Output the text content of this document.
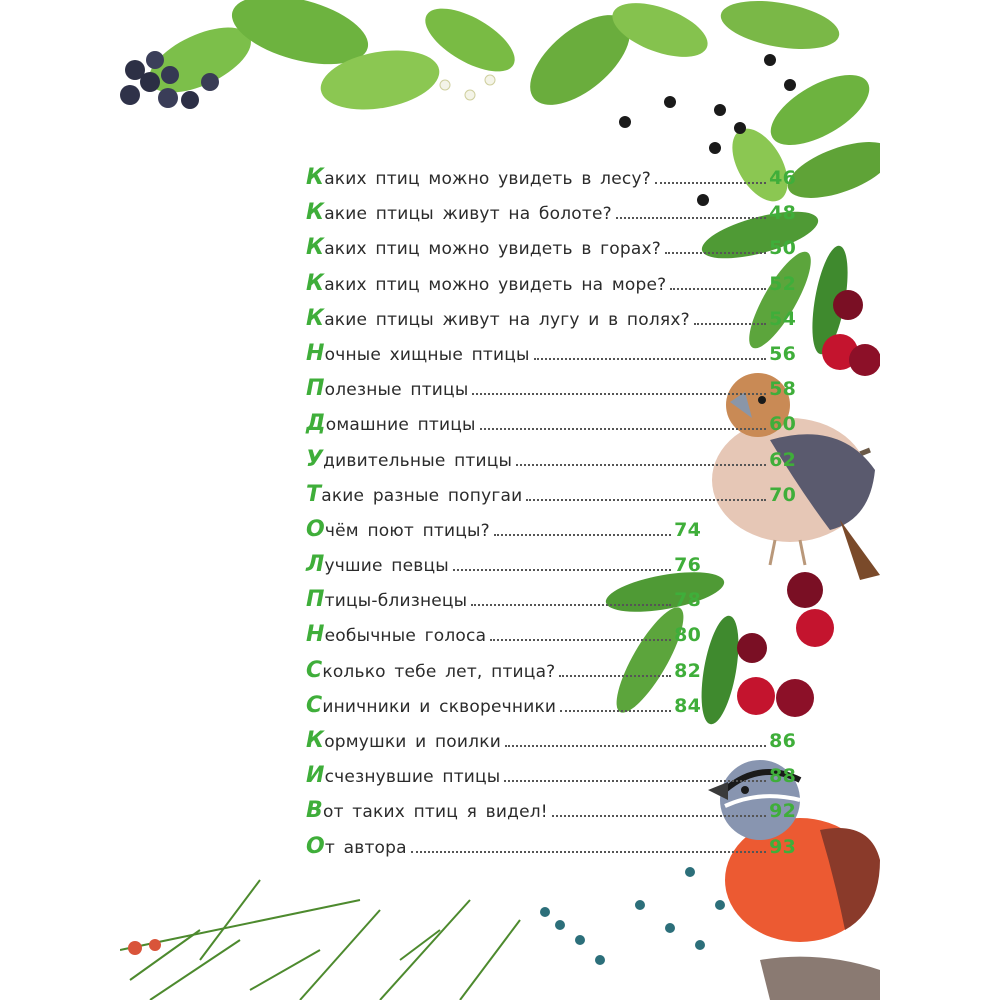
К аких птиц можно увидеть в лесу?	46
К акие птицы живут на болоте?	48
К аких птиц можно увидеть в горах?	50
К аких птиц можно увидеть на море?	52
К акие птицы живут на лугу и в полях?	54
Н очные хищные птицы	56
П олезные птицы	58
Д омашние птицы	60
У дивительные птицы	62
Т акие разные попугаи	70
О чём поют птицы?	74
Л учшие певцы	76
П тицы-близнецы	78
Н еобычные голоса	80
С колько тебе лет, птица?	82
С иничники и скворечники	84
К ормушки и поилки	86
И счезнувшие птицы	88
В от таких птиц я видел!	92
О т автора	93
